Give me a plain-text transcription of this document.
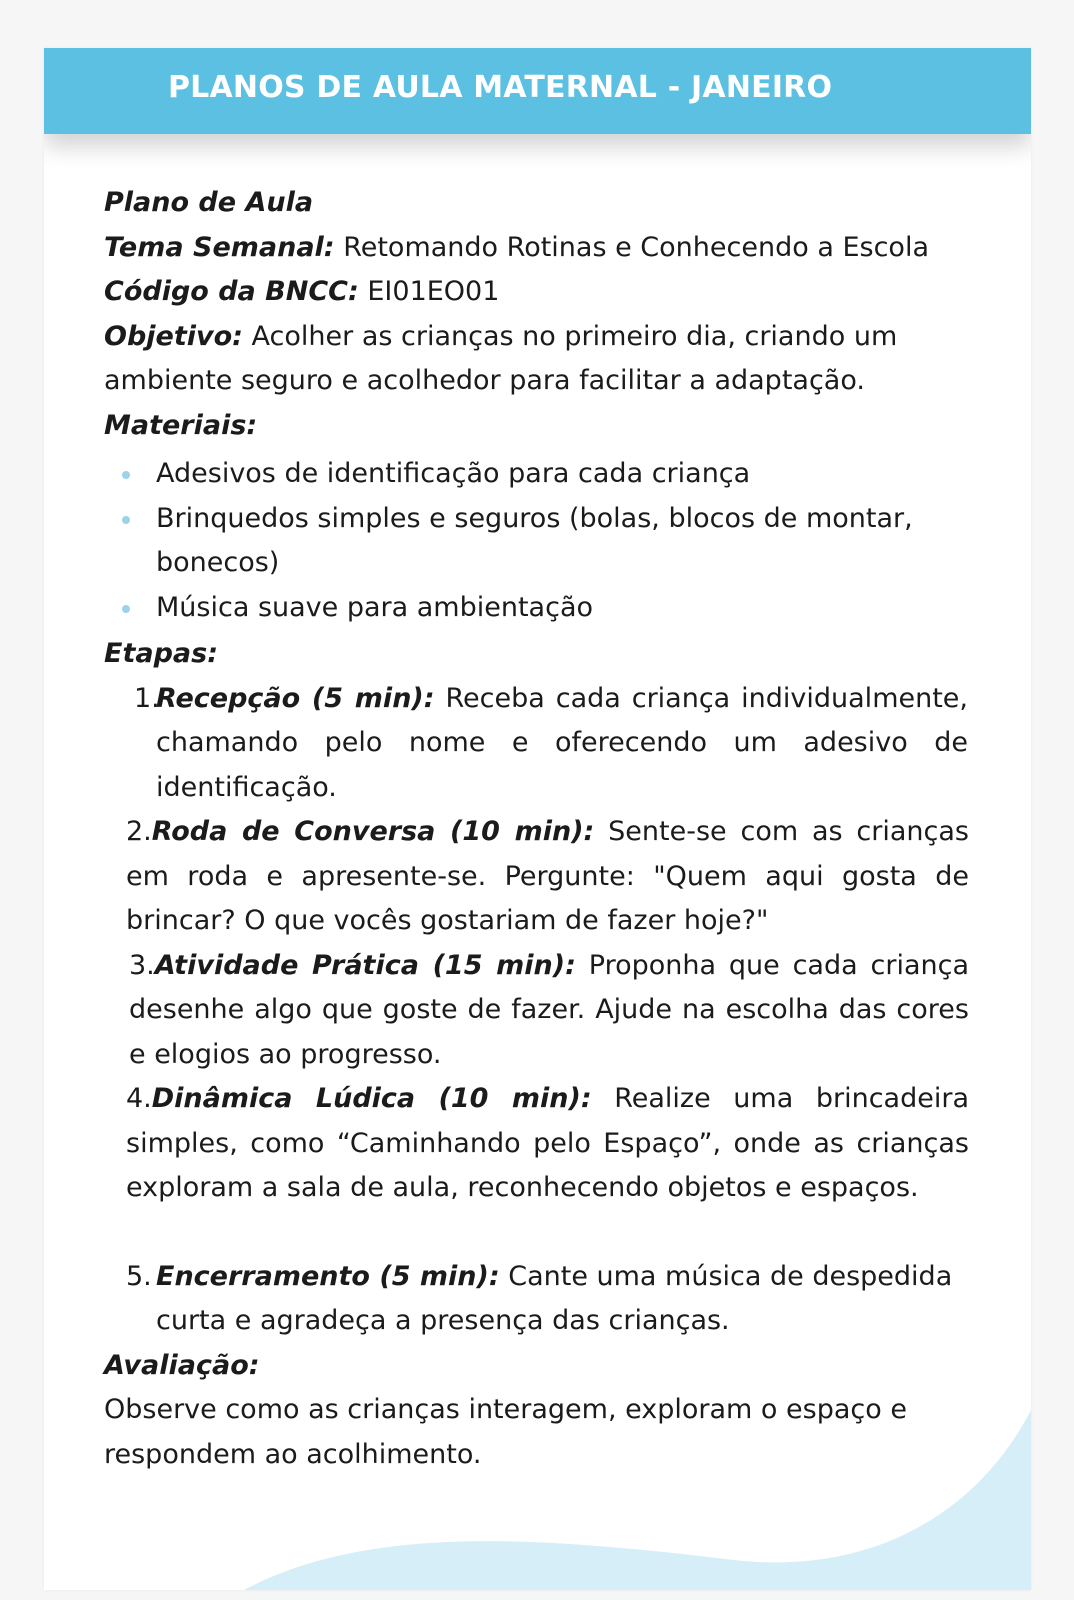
PLANOS DE AULA MATERNAL - JANEIRO
Plano de Aula
Tema Semanal: Retomando Rotinas e Conhecendo a Escola
Código da BNCC: EI01EO01
Objetivo: Acolher as crianças no primeiro dia, criando um ambiente seguro e acolhedor para facilitar a adaptação.
Materiais:
Adesivos de identificação para cada criança
Brinquedos simples e seguros (bolas, blocos de montar, bonecos)
Música suave para ambientação
Etapas:
1.
Recepção (5 min): Receba cada criança individualmente, chamando pelo nome e oferecendo um adesivo de identificação.
2.Roda de Conversa (10 min): Sente-se com as crianças em roda e apresente-se. Pergunte: "Quem aqui gosta de brincar? O que vocês gostariam de fazer hoje?"
3.Atividade Prática (15 min): Proponha que cada criança desenhe algo que goste de fazer. Ajude na escolha das cores e elogios ao progresso.
4.Dinâmica Lúdica (10 min): Realize uma brincadeira simples, como “Caminhando pelo Espaço”, onde as crianças exploram a sala de aula, reconhecendo objetos e espaços.
5. Encerramento (5 min): Cante uma música de despedida curta e agradeça a presença das crianças.
Avaliação:
Observe como as crianças interagem, exploram o espaço e respondem ao acolhimento.
